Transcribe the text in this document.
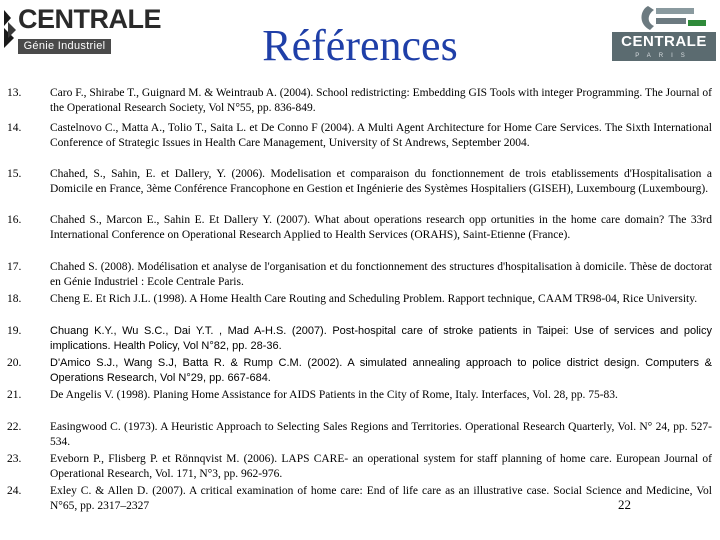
CENTRALE
Génie Industriel	Références	CENTRALE
PARIS
13. Caro F., Shirabe T., Guignard M. & Weintraub A. (2004). School redistricting: Embedding GIS Tools with integer Programming. The Journal of the Operational Research Society, Vol N°55, pp. 836-849.
14. Castelnovo C., Matta A., Tolio T., Saita L. et De Conno F (2004). A Multi Agent Architecture for Home Care Services. The Sixth International Conference of Strategic Issues in Health Care Management, University of St Andrews, September 2004.
15. Chahed, S., Sahin, E. et Dallery, Y. (2006). Modelisation et comparaison du fonctionnement de trois etablissements d'Hospitalisation a Domicile en France, 3ème Conférence Francophone en Gestion et Ingénierie des Systèmes Hospitaliers (GISEH), Luxembourg (Luxembourg).
16. Chahed S., Marcon E., Sahin E. Et Dallery Y. (2007). What about operations research opp ortunities in the home care domain? The 33rd International Conference on Operational Research Applied to Health Services (ORAHS), Saint-Etienne (France).
17. Chahed S. (2008). Modélisation et analyse de l'organisation et du fonctionnement des structures d'hospitalisation à domicile. Thèse de doctorat en Génie Industriel : Ecole Centrale Paris.
18. Cheng E. Et Rich J.L. (1998). A Home Health Care Routing and Scheduling Problem. Rapport technique, CAAM TR98-04, Rice University.
19.	Chuang K.Y., Wu S.C., Dai Y.T. , Mad A-H.S. (2007). Post-hospital care of stroke patients in Taipei: Use of services and policy implications. Health Policy, Vol N°82, pp. 28-36.
20.	D'Amico S.J., Wang S.J, Batta R. & Rump C.M. (2002). A simulated annealing approach to police district design. Computers & Operations Research, Vol N°29, pp. 667-684.
21. De Angelis V. (1998). Planing Home Assistance for AIDS Patients in the City of Rome, Italy. Interfaces, Vol. 28, pp. 75-83.
22. Easingwood C. (1973). A Heuristic Approach to Selecting Sales Regions and Territories. Operational Research Quarterly, Vol. N° 24, pp. 527-534.
23. Eveborn P., Flisberg P. et Rönnqvist M. (2006). LAPS CARE- an operational system for staff planning of home care. European Journal of Operational Research, Vol. 171, N°3, pp. 962-976.
24. Exley C. & Allen D. (2007). A critical examination of home care: End of life care as an illustrative case. Social Science and Medicine, Vol N°65, pp. 2317–2327	22
